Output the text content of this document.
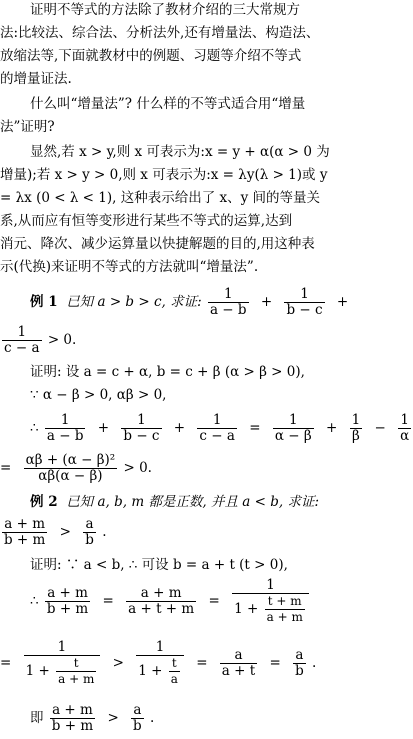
证明不等式的方法除了教材介绍的三大常规方
法:比较法、综合法、分析法外,还有增量法、构造法、
放缩法等,下面就教材中的例题、习题等介绍不等式
的增量证法.
什么叫“增量法”? 什么样的不等式适合用“增量
法”证明?
显然,若 x > y,则 x 可表示为:x = y + α(α > 0 为
增量);若 x > y > 0,则 x 可表示为:x = λy(λ > 1)或 y
= λx (0 < λ < 1), 这种表示给出了 x、y 间的等量关
系,从而应有恒等变形进行某些不等式的运算,达到
消元、降次、减少运算量以快捷解题的目的,用这种表
示(代换)来证明不等式的方法就叫“增量法”.
例 1 已知 a > b > c, 求证: $\frac{1}{a - b} + \frac{1}{b - c}$ +
$\frac{1}{c - a} > 0$.
证明: 设 a = c + α, b = c + β (α > β > 0),
∵ α − β > 0, αβ > 0,
∴ $\frac{1}{a - b} + \frac{1}{b - c} + \frac{1}{c - a} = \frac{1}{\alpha - \beta} + \frac{1}{\beta} - \frac{1}{\alpha}$
= $\frac{\text{αβ + (α − β)²}}{\alpha\beta(\alpha - \beta)} > 0$.
例 2 已知 a, b, m 都是正数, 并且 a < b, 求证:
$\frac{a + m}{b + m} > \frac{a}{b}$ .
证明: ∵ a < b, ∴ 可设 b = a + t (t > 0),
∴ $\frac{a + m}{b + m} = \frac{a + m}{a + t + m} = \frac{1}{1 + \frac{t + m}{a + m}}$
= $\frac{1}{1 + \frac{t}{a + m}} > \frac{1}{1 + \frac{t}{a}} = \frac{a}{a + t} = \frac{a}{b}$ .
即 $\frac{a + m}{b + m} > \frac{a}{b}$ .
